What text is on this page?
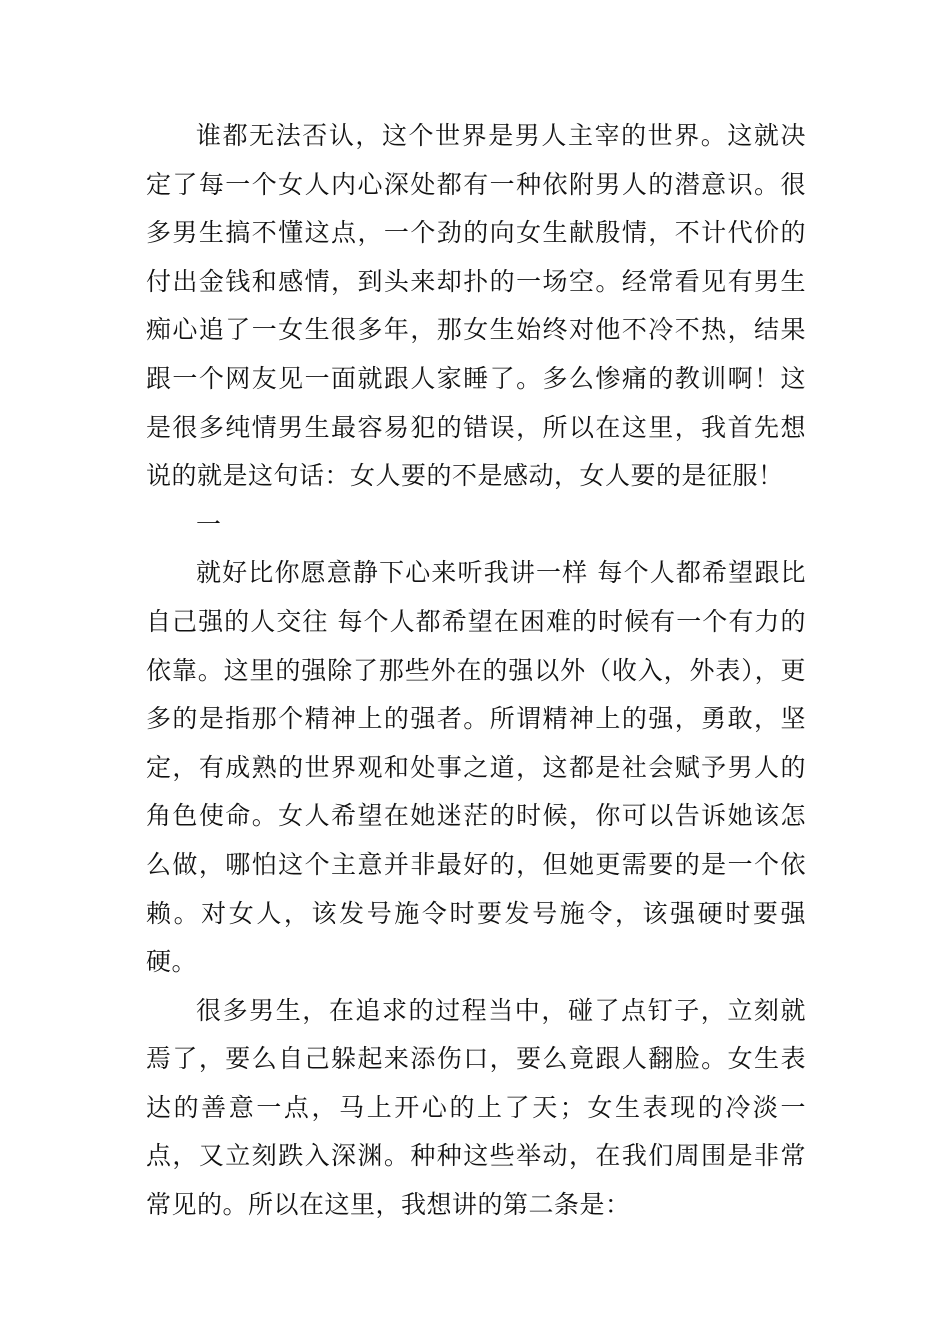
谁都无法否认，这个世界是男人主宰的世界。这就决定了每一个女人内心深处都有一种依附男人的潜意识。很多男生搞不懂这点，一个劲的向女生献殷情，不计代价的付出金钱和感情，到头来却扑的一场空。经常看见有男生痴心追了一女生很多年，那女生始终对他不冷不热，结果跟一个网友见一面就跟人家睡了。多么惨痛的教训啊！这是很多纯情男生最容易犯的错误，所以在这里，我首先想说的就是这句话：女人要的不是感动，女人要的是征服！

一

就好比你愿意静下心来听我讲一样 每个人都希望跟比自己强的人交往 每个人都希望在困难的时候有一个有力的依靠。这里的强除了那些外在的强以外（收入，外表），更多的是指那个精神上的强者。所谓精神上的强，勇敢，坚定，有成熟的世界观和处事之道，这都是社会赋予男人的角色使命。女人希望在她迷茫的时候，你可以告诉她该怎么做，哪怕这个主意并非最好的，但她更需要的是一个依赖。对女人，该发号施令时要发号施令，该强硬时要强硬。

很多男生，在追求的过程当中，碰了点钉子，立刻就焉了，要么自己躲起来添伤口，要么竟跟人翻脸。女生表达的善意一点，马上开心的上了天；女生表现的冷淡一点，又立刻跌入深渊。种种这些举动，在我们周围是非常常见的。所以在这里，我想讲的第二条是：
